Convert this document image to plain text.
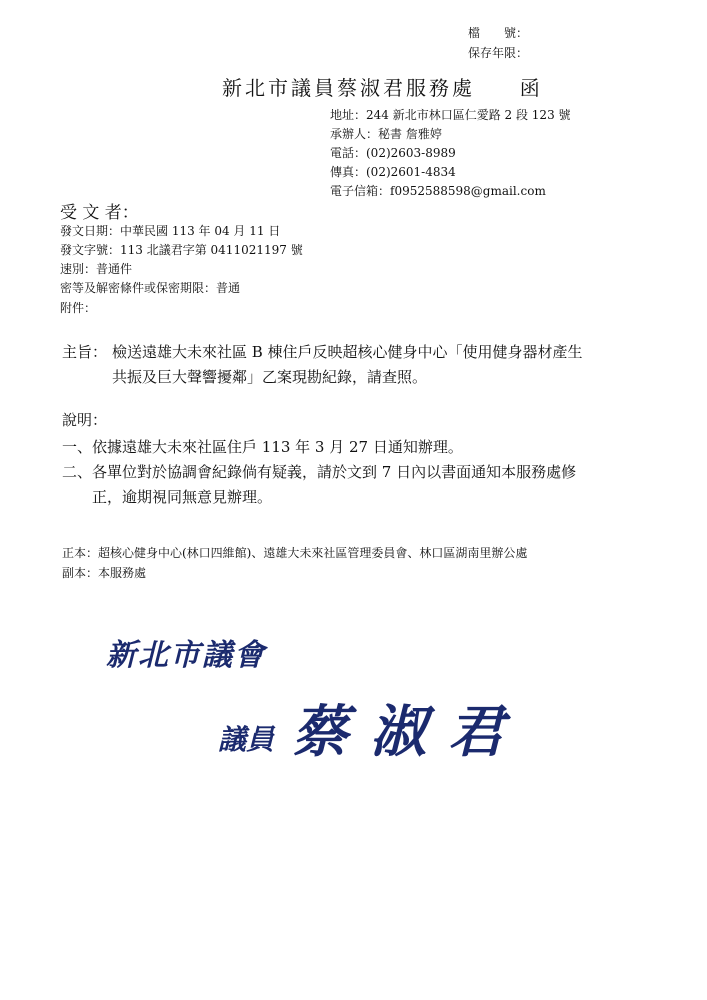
檔　　號：
保存年限：
新北市議員蔡淑君服務處 函
地址：244 新北市林口區仁愛路 2 段 123 號
承辦人：秘書 詹雅婷
電話：(02)2603-8989
傳真：(02)2601-4834
電子信箱：f0952588598@gmail.com
受 文 者：
發文日期：中華民國 113 年 04 月 11 日
發文字號：113 北議君字第 0411021197 號
速別：普通件
密等及解密條件或保密期限：普通
附件：
主旨： 檢送遠雄大未來社區 B 棟住戶反映超核心健身中心「使用健身器材產生
共振及巨大聲響擾鄰」乙案現勘紀錄，請查照。
說明：
一、依據遠雄大未來社區住戶 113 年 3 月 27 日通知辦理。
二、各單位對於協調會紀錄倘有疑義，請於文到 7 日內以書面通知本服務處修
正，逾期視同無意見辦理。
正本：超核心健身中心(林口四維館)、遠雄大未來社區管理委員會、林口區湖南里辦公處
副本：本服務處
新北市議會
議員 蔡淑君
